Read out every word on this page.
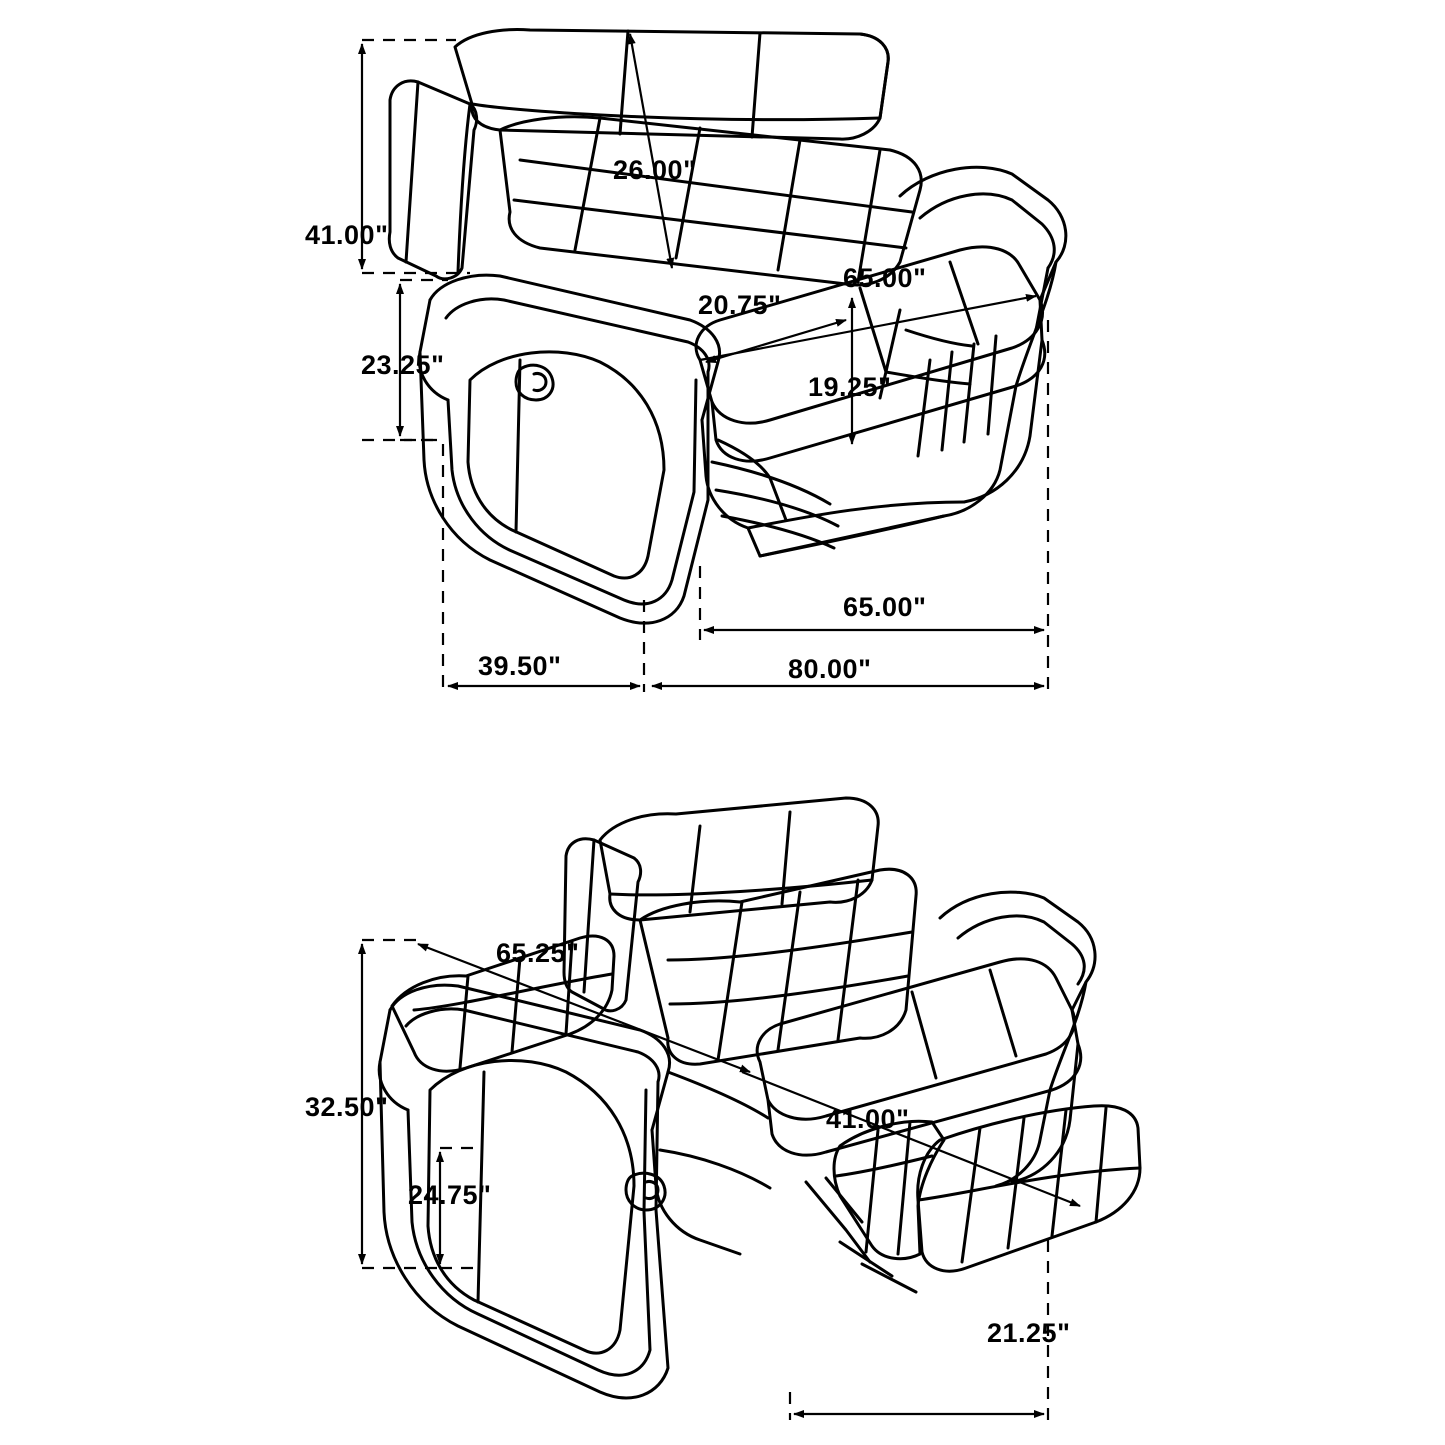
41.00"
26.00"
23.25"
20.75"
65.00"
19.25"
39.50"
65.00"
80.00"
65.25"
32.50"
24.75"
41.00"
21.25"
